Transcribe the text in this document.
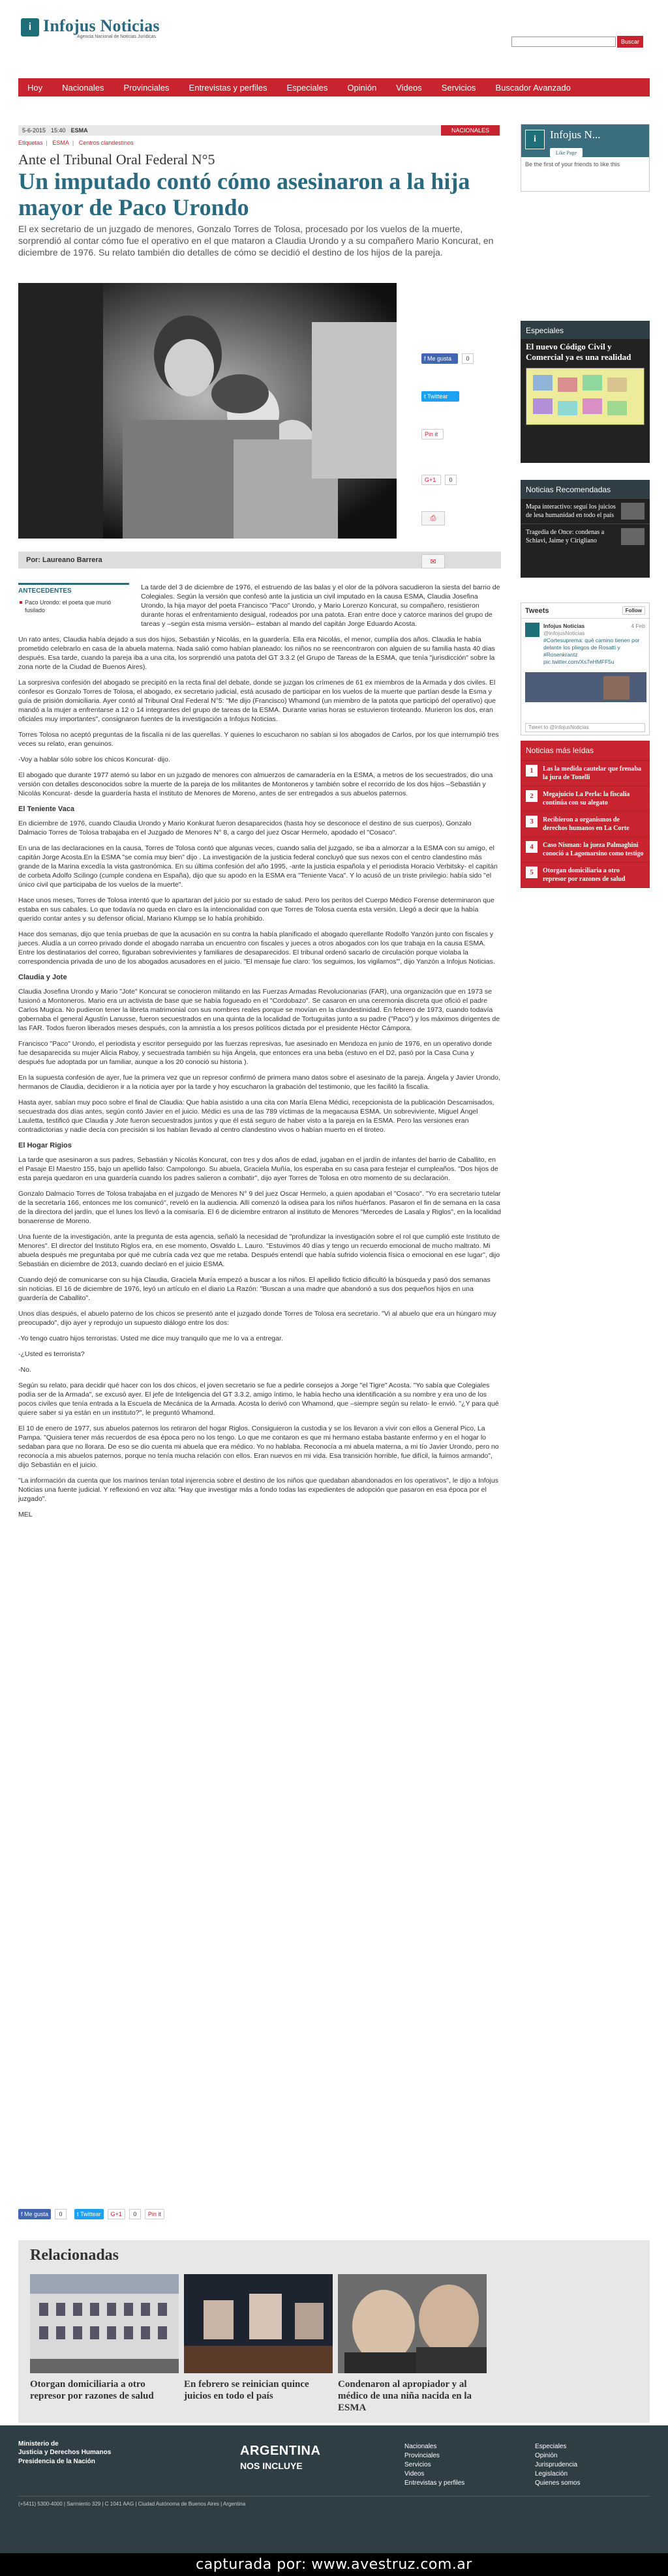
i Infojus Noticias
Agencia Nacional de Noticias Jurídicas
Buscar
Hoy Nacionales Provinciales Entrevistas y perfiles Especiales Opinión Videos Servicios Buscador Avanzado
5-6-2015 15:40 ESMA	NACIONALES
Etiquetas | ESMA | Centros clandestinos
Ante el Tribunal Oral Federal N°5
Un imputado contó cómo asesinaron a la hija mayor de Paco Urondo
El ex secretario de un juzgado de menores, Gonzalo Torres de Tolosa, procesado por los vuelos de la muerte, sorprendió al contar cómo fue el operativo en el que mataron a Claudia Urondo y a su compañero Mario Koncurat, en diciembre de 1976. Su relato también dio detalles de cómo se decidió el destino de los hijos de la pareja.
Por: Laureano Barrera
f Me gusta	0
t Twittear
Pin it
G+1	0
⎙
✉
ANTECEDENTES
Paco Urondo: el poeta que murió fusilado

La tarde del 3 de diciembre de 1976, el estruendo de las balas y el olor de la pólvora sacudieron la siesta del barrio de Colegiales. Según la versión que confesó ante la justicia un civil imputado en la causa ESMA, Claudia Josefina Urondo, la hija mayor del poeta Francisco "Paco" Urondo, y Mario Lorenzo Koncurat, su compañero, resistieron durante horas el enfrentamiento desigual, rodeados por una patota. Eran entre doce y catorce marinos del grupo de tareas y –según esta misma versión– estaban al mando del capitán Jorge Eduardo Acosta.

Un rato antes, Claudia había dejado a sus dos hijos, Sebastián y Nicolás, en la guardería. Ella era Nicolás, el menor, cumplía dos años. Claudia le había prometido celebrarlo en casa de la abuela materna. Nada salió como habían planeado: los niños no se reencontraron con alguien de su familia hasta 40 días después. Esa tarde, cuando la pareja iba a una cita, los sorprendió una patota del GT 3.3.2 (el Grupo de Tareas de la ESMA, que tenía "jurisdicción" sobre la zona norte de la Ciudad de Buenos Aires).

La sorpresiva confesión del abogado se precipitó en la recta final del debate, donde se juzgan los crímenes de 61 ex miembros de la Armada y dos civiles. El confesor es Gonzalo Torres de Tolosa, el abogado, ex secretario judicial, está acusado de participar en los vuelos de la muerte que partían desde la Esma y guía de prisión domiciliaria. Ayer contó al Tribunal Oral Federal N°5: "Me dijo (Francisco) Whamond (un miembro de la patota que participó del operativo) que mandó a la mujer a enfrentarse a 12 o 14 integrantes del grupo de tareas de la ESMA. Durante varias horas se estuvieron tiroteando. Murieron los dos, eran oficiales muy importantes", consignaron fuentes de la investigación a Infojus Noticias.

Torres Tolosa no aceptó preguntas de la fiscalía ni de las querellas. Y quienes lo escucharon no sabían si los abogados de Carlos, por los que interrumpió tres veces su relato, eran genuinos.

-Voy a hablar sólo sobre los chicos Koncurat- dijo.

El abogado que durante 1977 atemó su labor en un juzgado de menores con almuerzos de camaradería en la ESMA, a metros de los secuestrados, dio una versión con detalles desconocidos sobre la muerte de la pareja de los militantes de Montoneros y también sobre el recorrido de los dos hijos –Sebastián y Nicolás Koncurat- desde la guardería hasta el instituto de Menores de Moreno, antes de ser entregados a sus abuelos paternos.

El Teniente Vaca

En diciembre de 1976, cuando Claudia Urondo y Mario Konkurat fueron desaparecidos (hasta hoy se desconoce el destino de sus cuerpos), Gonzalo Dalmacio Torres de Tolosa trabajaba en el Juzgado de Menores N° 8, a cargo del juez Oscar Hermelo, apodado el "Cosaco".

En una de las declaraciones en la causa, Torres de Tolosa contó que algunas veces, cuando salía del juzgado, se iba a almorzar a la ESMA con su amigo, el capitán Jorge Acosta.En la ESMA "se comía muy bien" dijo . La investigación de la justicia federal concluyó que sus nexos con el centro clandestino más grande de la Marina excedía la vista gastronómica. En su última confesión del año 1995, -ante la justicia española y el periodista Horacio Verbitsky- el capitán de corbeta Adolfo Scilingo (cumple condena en España), dijo que su apodo en la ESMA era "Teniente Vaca". Y lo acusó de un triste privilegio: había sido "el único civil que participaba de los vuelos de la muerte".

Hace unos meses, Torres de Tolosa intentó que lo apartaran del juicio por su estado de salud. Pero los peritos del Cuerpo Médico Forense determinaron que estaba en sus cabales. Lo que todavía no queda en claro es la intencionalidad con que Torres de Tolosa cuenta esta versión. Llegó a decir que la había querido contar antes y su defensor oficial, Mariano Klumpp se lo había prohibido.

Hace dos semanas, dijo que tenía pruebas de que la acusación en su contra la había planificado el abogado querellante Rodolfo Yanzón junto con fiscales y jueces. Aludía a un correo privado donde el abogado narraba un encuentro con fiscales y jueces a otros abogados con los que trabaja en la causa ESMA. Entre los destinatarios del correo, figuraban sobrevivientes y familiares de desaparecidos. El tribunal ordenó sacarlo de circulación porque violaba la correspondencia privada de uno de los abogados acusadores en el juicio. "El mensaje fue claro: 'los seguimos, los vigilamos'", dijo Yanzón a Infojus Noticias.

Claudia y Jote

Claudia Josefina Urondo y Mario "Jote" Koncurat se conocieron militando en las Fuerzas Armadas Revolucionarias (FAR), una organización que en 1973 se fusionó a Montoneros. Mario era un activista de base que se había fogueado en el "Cordobazo". Se casaron en una ceremonia discreta que ofició el padre Carlos Mugica. No pudieron tener la libreta matrimonial con sus nombres reales porque se movían en la clandestinidad. En febrero de 1973, cuando todavía gobernaba el general Agustín Lanusse, fueron secuestrados en una quinta de la localidad de Tortuguitas junto a su padre ("Paco") y los máximos dirigentes de las FAR. Todos fueron liberados meses después, con la amnistía a los presos políticos dictada por el presidente Héctor Cámpora.

Francisco "Paco" Urondo, el periodista y escritor perseguido por las fuerzas represivas, fue asesinado en Mendoza en junio de 1976, en un operativo donde fue desaparecida su mujer Alicia Raboy, y secuestrada también su hija Ángela, que entonces era una beba (estuvo en el D2, pasó por la Casa Cuna y después fue adoptada por un familiar, aunque a los 20 conoció su historia ).

En la supuesta confesión de ayer, fue la primera vez que un represor confirmó de primera mano datos sobre el asesinato de la pareja. Ángela y Javier Urondo, hermanos de Claudia, decidieron ir a la noticia ayer por la tarde y hoy escucharon la grabación del testimonio, que les facilitó la fiscalía.

Hasta ayer, sabían muy poco sobre el final de Claudia: Que había asistido a una cita con María Elena Médici, recepcionista de la publicación Descamisados, secuestrada dos días antes, según contó Javier en el juicio. Médici es una de las 789 víctimas de la megacausa ESMA. Un sobreviviente, Miguel Ángel Lauletta, testificó que Claudia y Jote fueron secuestrados juntos y que él está seguro de haber visto a la pareja en la ESMA. Pero las versiones eran contradictorias y nadie decía con precisión si los habían llevado al centro clandestino vivos o habían muerto en el tiroteo.

El Hogar Rigios

La tarde que asesinaron a sus padres, Sebastián y Nicolás Koncurat, con tres y dos años de edad, jugaban en el jardín de infantes del barrio de Caballito, en el Pasaje El Maestro 155, bajo un apellido falso: Campolongo. Su abuela, Graciela Muñía, los esperaba en su casa para festejar el cumpleaños. "Dos hijos de esta pareja quedaron en una guardería cuando los padres salieron a combatir", dijo ayer Torres de Tolosa en otro momento de su declaración.

Gonzalo Dalmacio Torres de Tolosa trabajaba en el juzgado de Menores N° 9 del juez Oscar Hermelo, a quien apodaban el "Cosaco". "Yo era secretario tutelar de la secretaría 166, entonces me los comunicó", reveló en la audiencia. Allí comenzó la odisea para los niños huérfanos. Pasaron el fin de semana en la casa de la directora del jardín, que el lunes los llevó a la comisaría. El 6 de diciembre entraron al instituto de Menores "Mercedes de Lasala y Riglos", en la localidad bonaerense de Moreno.

Una fuente de la investigación, ante la pregunta de esta agencia, señaló la necesidad de "profundizar la investigación sobre el rol que cumplió este Instituto de Menores". El director del Instituto Riglos era, en ese momento, Osvaldo L. Lauro. "Estuvimos 40 días y tengo un recuerdo emocional de mucho maltrato. Mi abuela después me preguntaba por qué me cubría cada vez que me retaba. Después entendí que había sufrido violencia física o emocional en ese lugar", dijo Sebastián en diciembre de 2013, cuando declaró en el juicio ESMA.

Cuando dejó de comunicarse con su hija Claudia, Graciela Muría empezó a buscar a los niños. El apellido ficticio dificultó la búsqueda y pasó dos semanas sin noticias. El 16 de diciembre de 1976, leyó un artículo en el diario La Razón: "Buscan a una madre que abandonó a sus dos pequeños hijos en una guardería de Caballito".

Unos días después, el abuelo paterno de los chicos se presentó ante el juzgado donde Torres de Tolosa era secretario. "Vi al abuelo que era un húngaro muy preocupado", dijo ayer y reprodujo un supuesto diálogo entre los dos:

-Yo tengo cuatro hijos terroristas. Usted me dice muy tranquilo que me lo va a entregar.

-¿Usted es terrorista?

-No.

Según su relato, para decidir qué hacer con los dos chicos, el joven secretario se fue a pedirle consejos a Jorge "el Tigre" Acosta. "Yo sabía que Colegiales podía ser de la Armada", se excusó ayer. El jefe de Inteligencia del GT 3.3.2, amigo íntimo, le había hecho una identificación a su nombre y era uno de los pocos civiles que tenía entrada a la Escuela de Mecánica de la Armada. Acosta lo derivó con Whamond, que –siempre según su relato- le envió. "¿Y para qué quiere saber si ya están en un instituto?", le preguntó Whamond.

El 10 de enero de 1977, sus abuelos paternos los retiraron del hogar Riglos. Consiguieron la custodia y se los llevaron a vivir con ellos a General Pico, La Pampa. "Quisiera tener más recuerdos de esa época pero no los tengo. Lo que me contaron es que mi hermano estaba bastante enfermo y en el hogar lo sedaban para que no llorara. De eso se dio cuenta mi abuela que era médico. Yo no hablaba. Reconocía a mi abuela materna, a mi tío Javier Urondo, pero no reconocía a mis abuelos paternos, porque no tenía mucha relación con ellos. Eran nuevos en mi vida. Esa transición horrible, fue difícil, la fuimos armando", dijo Sebastián en el juicio.

"La información da cuenta que los marinos tenían total injerencia sobre el destino de los niños que quedaban abandonados en los operativos", le dijo a Infojus Noticias una fuente judicial. Y reflexionó en voz alta: "Hay que investigar más a fondo todas las expedientes de adopción que pasaron en esa época por el juzgado".

MEL

i	Infojus N...
Like Page
Be the first of your friends to like this
Especiales
El nuevo Código Civil y Comercial ya es una realidad
Noticias Recomendadas
Mapa interactivo: seguí los juicios de lesa humanidad en todo el país
Tragedia de Once: condenas a Schiavi, Jaime y Cirigliano
Tweets	Follow
Infojus Noticias	4 Feb

@infojusNoticias
#Cortesuprema: qué camino tienen por delante los pliegos de Rosatti y #Rosenkrantz
pic.twitter.com/Xs7eHMFF5u
Tweet to @InfojusNoticias
Noticias más leídas
1	Las la medida cautelar que frenaba la jura de Tonelli
2	Megajuicio La Perla: la fiscalía continúa con su alegato
3	Recibieron a organismos de derechos humanos en La Corte
4	Caso Nisman: la jueza Palmaghini conoció a Lagomarsino como testigo
5	Otorgan domiciliaria a otro represor por razones de salud
f Me gusta	0	t Twittear	G+1	0	Pin it
Relacionadas
Otorgan domiciliaria a otro represor por razones de salud
En febrero se reinician quince juicios en todo el país
Condenaron al apropiador y al médico de una niña nacida en la ESMA
Ministerio de
Justicia y Derechos Humanos
Presidencia de la Nación
ARGENTINA
NOS INCLUYE
Nacionales
Provinciales
Servicios
Videos
Entrevistas y perfiles
Especiales
Opinión
Jurisprudencia
Legislación
Quienes somos
(+5411) 5300-4000 | Sarmiento 329 | C 1041 AAG | Ciudad Autónoma de Buenos Aires | Argentina
capturada por: www.avestruz.com.ar
